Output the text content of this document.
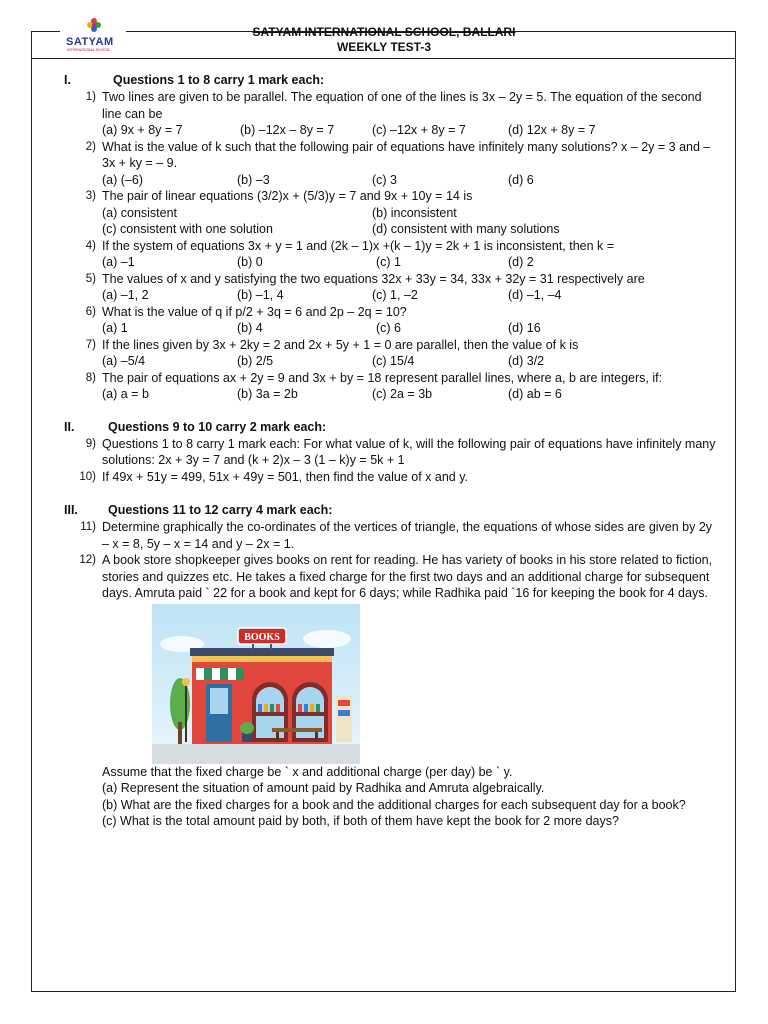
SATYAM
INTERNATIONAL SCHOOL
SATYAM INTERNATIONAL SCHOOL, BALLARI
WEEKLY TEST-3
I.	Questions 1 to 8 carry 1 mark each:
1) Two lines are given to be parallel. The equation of one of the lines is 3x – 2y = 5. The equation of the second line can be
(a) 9x + 8y = 7	(b) –12x – 8y = 7	(c) –12x + 8y = 7	(d) 12x + 8y = 7
2) What is the value of k such that the following pair of equations have infinitely many solutions? x – 2y = 3 and – 3x + ky = – 9.
(a) (–6)	(b) –3	(c) 3	(d) 6
3) The pair of linear equations (3/2)x + (5/3)y = 7 and 9x + 10y = 14 is
(a) consistent	(b) inconsistent
(c) consistent with one solution	(d) consistent with many solutions
4) If the system of equations 3x + y = 1 and (2k – 1)x +(k – 1)y = 2k + 1 is inconsistent, then k =
(a) –1	(b) 0	(c) 1	(d) 2
5) The values of x and y satisfying the two equations 32x + 33y = 34, 33x + 32y = 31 respectively are
(a) –1, 2	(b) –1, 4	(c) 1, –2	(d) –1, –4
6) What is the value of q if p/2 + 3q = 6 and 2p – 2q = 10?
(a) 1	(b) 4	(c) 6	(d) 16
7) If the lines given by 3x + 2ky = 2 and 2x + 5y + 1 = 0 are parallel, then the value of k is
(a) –5/4	(b) 2/5	(c) 15/4	(d) 3/2
8) The pair of equations ax + 2y = 9 and 3x + by = 18 represent parallel lines, where a, b are integers, if:
(a) a = b	(b) 3a = 2b	(c) 2a = 3b	(d) ab = 6
II.	Questions 9 to 10 carry 2 mark each:
9) Questions 1 to 8 carry 1 mark each: For what value of k, will the following pair of equations have infinitely many solutions: 2x + 3y = 7 and (k + 2)x – 3 (1 – k)y = 5k + 1
10) If 49x + 51y = 499, 51x + 49y = 501, then find the value of x and y.
III. Questions 11 to 12 carry 4 mark each:
11) Determine graphically the co-ordinates of the vertices of triangle, the equations of whose sides are given by 2y – x = 8, 5y – x = 14 and y – 2x = 1.
12) A book store shopkeeper gives books on rent for reading. He has variety of books in his store related to fiction, stories and quizzes etc. He takes a fixed charge for the first two days and an additional charge for subsequent days. Amruta paid ` 22 for a book and kept for 6 days; while Radhika paid `16 for keeping the book for 4 days.
BOOKS
Assume that the fixed charge be ` x and additional charge (per day) be ` y.
(a) Represent the situation of amount paid by Radhika and Amruta algebraically.
(b) What are the fixed charges for a book and the additional charges for each subsequent day for a book?
(c) What is the total amount paid by both, if both of them have kept the book for 2 more days?
